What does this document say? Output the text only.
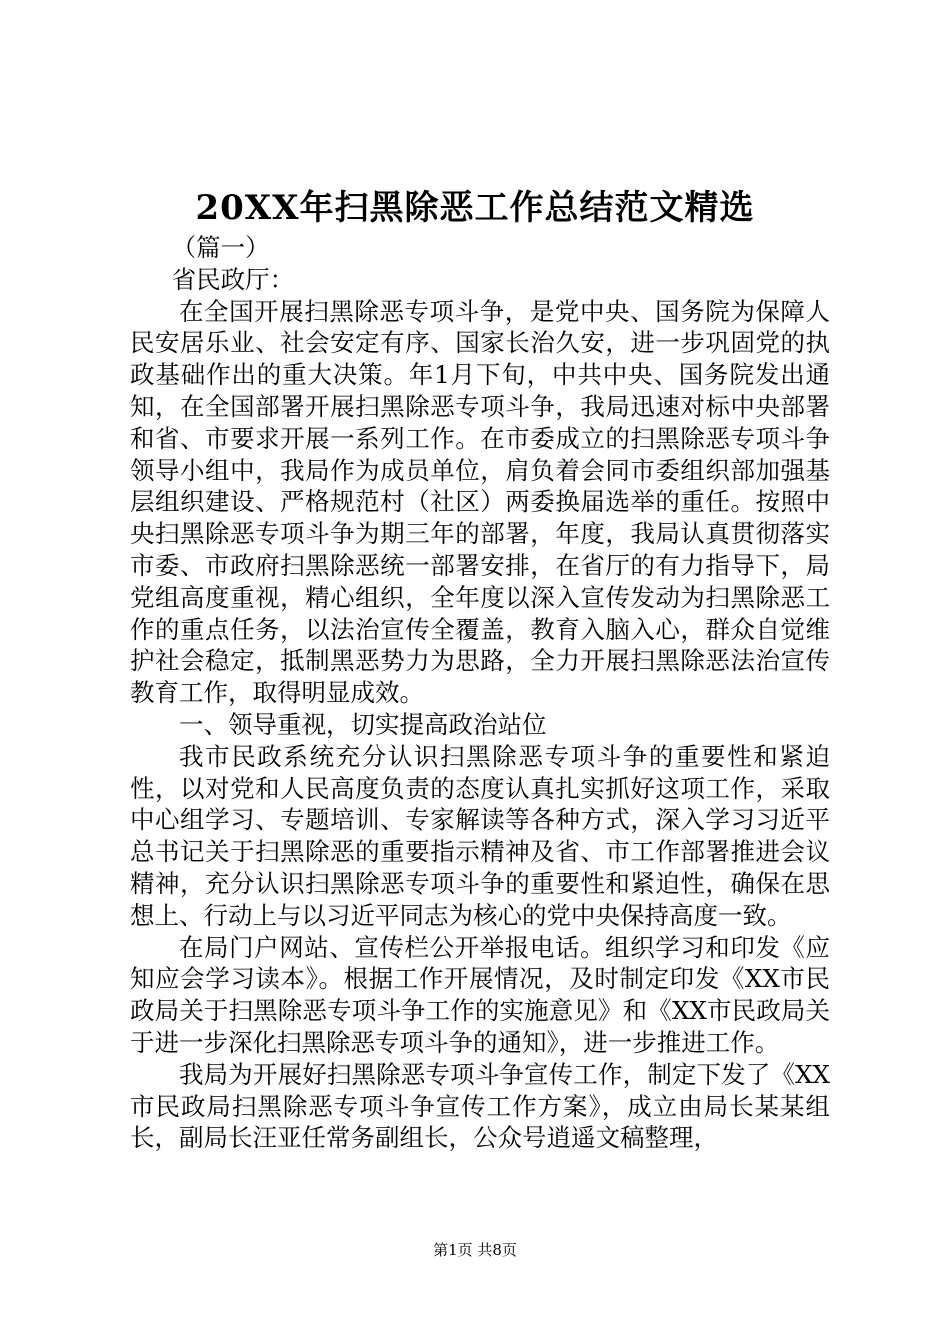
20XX年扫黑除恶工作总结范文精选

（篇一）

省民政厅：

在全国开展扫黑除恶专项斗争，是党中央、国务院为保障人民安居乐业、社会安定有序、国家长治久安，进一步巩固党的执政基础作出的重大决策。年1月下旬，中共中央、国务院发出通知，在全国部署开展扫黑除恶专项斗争，我局迅速对标中央部署和省、市要求开展一系列工作。在市委成立的扫黑除恶专项斗争领导小组中，我局作为成员单位，肩负着会同市委组织部加强基层组织建设、严格规范村（社区）两委换届选举的重任。按照中央扫黑除恶专项斗争为期三年的部署，年度，我局认真贯彻落实市委、市政府扫黑除恶统一部署安排，在省厅的有力指导下，局党组高度重视，精心组织，全年度以深入宣传发动为扫黑除恶工作的重点任务，以法治宣传全覆盖，教育入脑入心，群众自觉维护社会稳定，抵制黑恶势力为思路，全力开展扫黑除恶法治宣传教育工作，取得明显成效。

一、领导重视，切实提高政治站位

我市民政系统充分认识扫黑除恶专项斗争的重要性和紧迫性，以对党和人民高度负责的态度认真扎实抓好这项工作，采取中心组学习、专题培训、专家解读等各种方式，深入学习习近平总书记关于扫黑除恶的重要指示精神及省、市工作部署推进会议精神，充分认识扫黑除恶专项斗争的重要性和紧迫性，确保在思想上、行动上与以习近平同志为核心的党中央保持高度一致。

在局门户网站、宣传栏公开举报电话。组织学习和印发《应知应会学习读本》。根据工作开展情况，及时制定印发《XX市民政局关于扫黑除恶专项斗争工作的实施意见》和《XX市民政局关于进一步深化扫黑除恶专项斗争的通知》，进一步推进工作。

我局为开展好扫黑除恶专项斗争宣传工作，制定下发了《XX市民政局扫黑除恶专项斗争宣传工作方案》，成立由局长某某组长，副局长汪亚任常务副组长，公众号逍遥文稿整理，

第1页 共8页
